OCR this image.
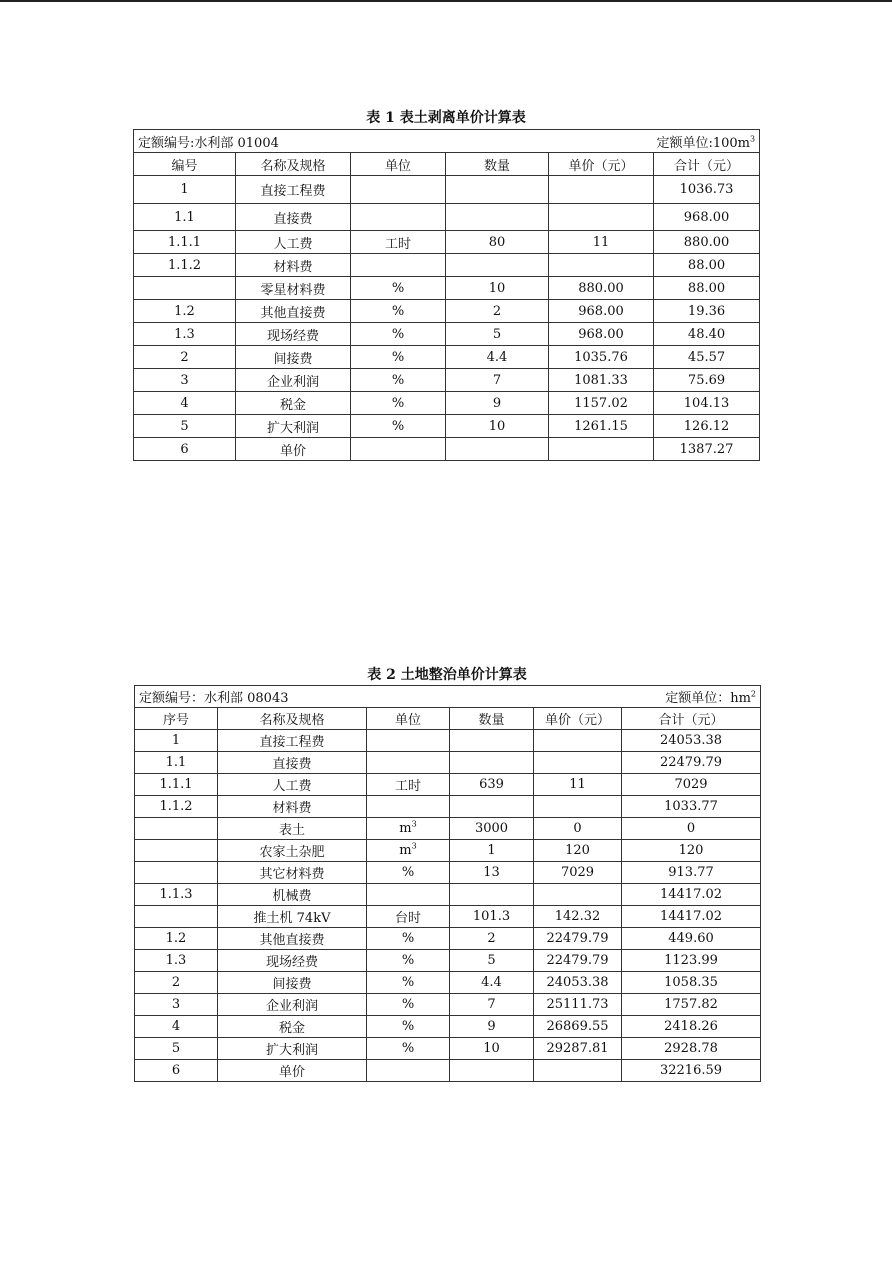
表 1 表土剥离单价计算表
定额编号:水利部 01004 定额单位$:100m^3$

编号	名称及规格	单位	数量	单价（元）	合计（元）
1	直接工程费				1036.73
1.1	直接费				968.00
1.1.1	人工费	工时	80	11	880.00
1.1.2	材料费				88.00
	零星材料费	%	10	880.00	88.00
1.2	其他直接费	%	2	968.00	19.36
1.3	现场经费	%	5	968.00	48.40
2	间接费	%	4.4	1035.76	45.57
3	企业利润	%	7	1081.33	75.69
4	税金	%	9	1157.02	104.13
5	扩大利润	%	10	1261.15	126.12
6	单价				1387.27
表 2 土地整治单价计算表
定额编号：水利部 08043 定额单位：$hm^2$

序号	名称及规格	单位	数量	单价（元）	合计（元）
1	直接工程费				24053.38
1.1	直接费				22479.79
1.1.1	人工费	工时	639	11	7029
1.1.2	材料费				1033.77
	表土	$m^3$	3000	0	0
	农家土杂肥	$m^3$	1	120	120
	其它材料费	%	13	7029	913.77
1.1.3	机械费				14417.02
	推土机 74kV	台时	101.3	142.32	14417.02
1.2	其他直接费	%	2	22479.79	449.60
1.3	现场经费	%	5	22479.79	1123.99
2	间接费	%	4.4	24053.38	1058.35
3	企业利润	%	7	25111.73	1757.82
4	税金	%	9	26869.55	2418.26
5	扩大利润	%	10	29287.81	2928.78
6	单价				32216.59
